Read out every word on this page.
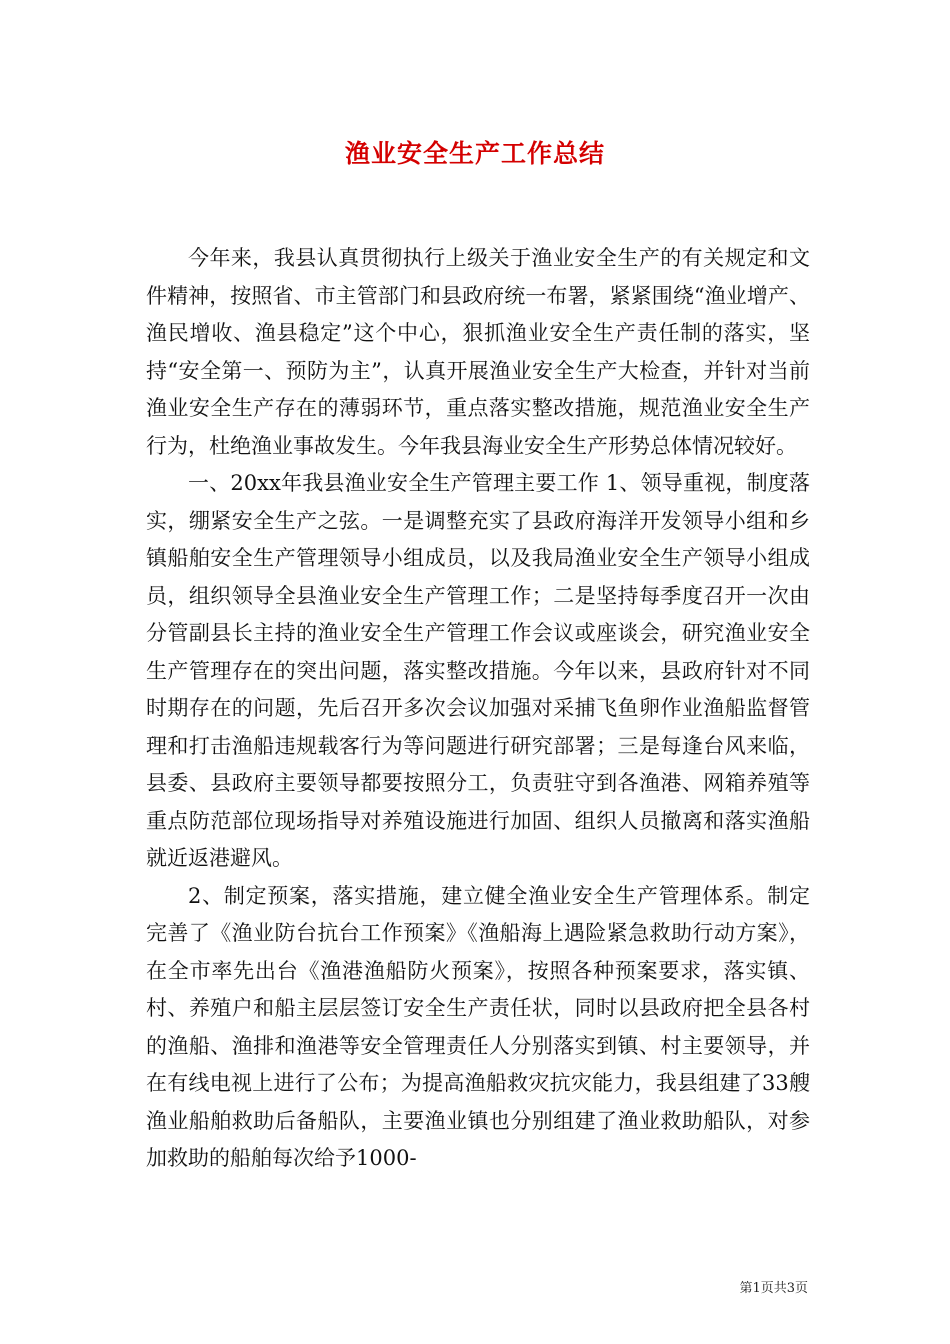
渔业安全生产工作总结

今年来，我县认真贯彻执行上级关于渔业安全生产的有关规定和文件精神，按照省、市主管部门和县政府统一布署，紧紧围绕“渔业增产、渔民增收、渔县稳定”这个中心，狠抓渔业安全生产责任制的落实，坚持“安全第一、预防为主”，认真开展渔业安全生产大检查，并针对当前渔业安全生产存在的薄弱环节，重点落实整改措施，规范渔业安全生产行为，杜绝渔业事故发生。今年我县海业安全生产形势总体情况较好。

一、20xx年我县渔业安全生产管理主要工作 1、领导重视，制度落实，绷紧安全生产之弦。一是调整充实了县政府海洋开发领导小组和乡镇船舶安全生产管理领导小组成员，以及我局渔业安全生产领导小组成员，组织领导全县渔业安全生产管理工作；二是坚持每季度召开一次由分管副县长主持的渔业安全生产管理工作会议或座谈会，研究渔业安全生产管理存在的突出问题，落实整改措施。今年以来，县政府针对不同时期存在的问题，先后召开多次会议加强对采捕飞鱼卵作业渔船监督管理和打击渔船违规载客行为等问题进行研究部署；三是每逢台风来临，县委、县政府主要领导都要按照分工，负责驻守到各渔港、网箱养殖等重点防范部位现场指导对养殖设施进行加固、组织人员撤离和落实渔船就近返港避风。

2、制定预案，落实措施，建立健全渔业安全生产管理体系。制定完善了《渔业防台抗台工作预案》《渔船海上遇险紧急救助行动方案》，在全市率先出台《渔港渔船防火预案》，按照各种预案要求，落实镇、村、养殖户和船主层层签订安全生产责任状，同时以县政府把全县各村的渔船、渔排和渔港等安全管理责任人分别落实到镇、村主要领导，并在有线电视上进行了公布；为提高渔船救灾抗灾能力，我县组建了33艘渔业船舶救助后备船队，主要渔业镇也分别组建了渔业救助船队，对参加救助的船舶每次给予1000-

第1页共3页
